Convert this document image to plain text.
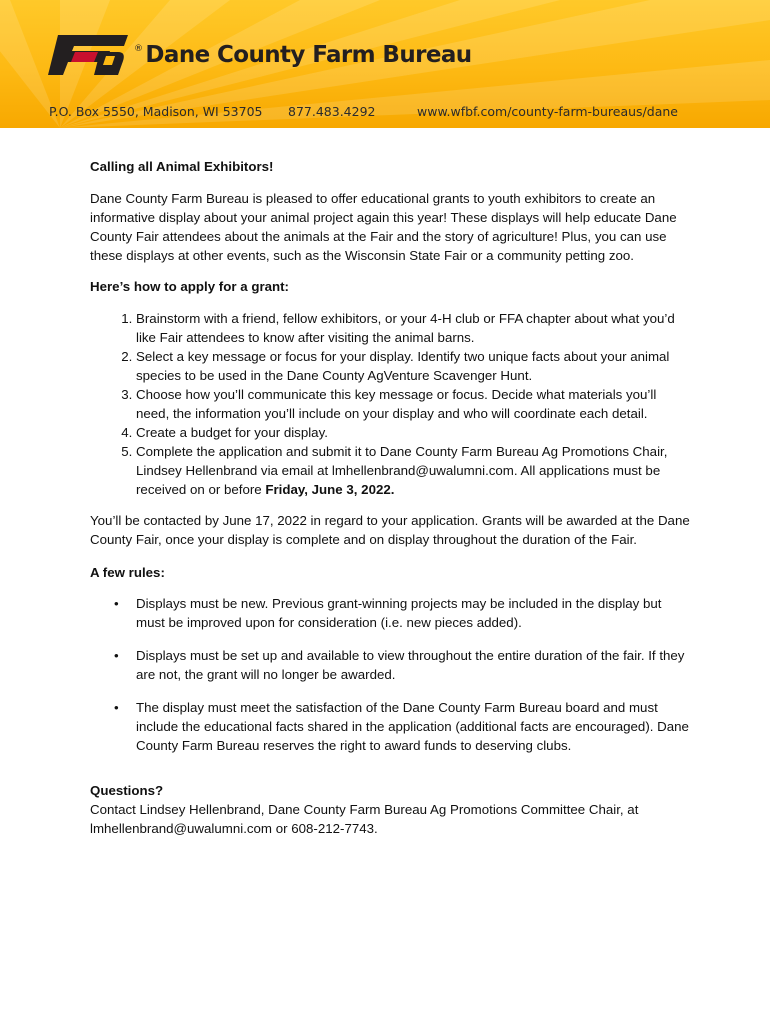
® Dane County Farm Bureau
P.O. Box 5550, Madison, WI 53705 877.483.4292	www.wfbf.com/county-farm-bureaus/dane

Calling all Animal Exhibitors!

Dane County Farm Bureau is pleased to offer educational grants to youth exhibitors to create an informative display about your animal project again this year! These displays will help educate Dane County Fair attendees about the animals at the Fair and the story of agriculture! Plus, you can use these displays at other events, such as the Wisconsin State Fair or a community petting zoo.

Here’s how to apply for a grant:

1. Brainstorm with a friend, fellow exhibitors, or your 4-H club or FFA chapter about what you’d like Fair attendees to know after visiting the animal barns.
2. Select a key message or focus for your display. Identify two unique facts about your animal species to be used in the Dane County AgVenture Scavenger Hunt.
3. Choose how you’ll communicate this key message or focus. Decide what materials you’ll need, the information you’ll include on your display and who will coordinate each detail.
4. Create a budget for your display.
5. Complete the application and submit it to Dane County Farm Bureau Ag Promotions Chair, Lindsey Hellenbrand via email at lmhellenbrand@uwalumni.com. All applications must be received on or before Friday, June 3, 2022.

You’ll be contacted by June 17, 2022 in regard to your application. Grants will be awarded at the Dane County Fair, once your display is complete and on display throughout the duration of the Fair.

A few rules:

• Displays must be new. Previous grant-winning projects may be included in the display but must be improved upon for consideration (i.e. new pieces added).
• Displays must be set up and available to view throughout the entire duration of the fair. If they are not, the grant will no longer be awarded.
• The display must meet the satisfaction of the Dane County Farm Bureau board and must include the educational facts shared in the application (additional facts are encouraged). Dane County Farm Bureau reserves the right to award funds to deserving clubs.

Questions?

Contact Lindsey Hellenbrand, Dane County Farm Bureau Ag Promotions Committee Chair, at lmhellenbrand@uwalumni.com or 608-212-7743.
